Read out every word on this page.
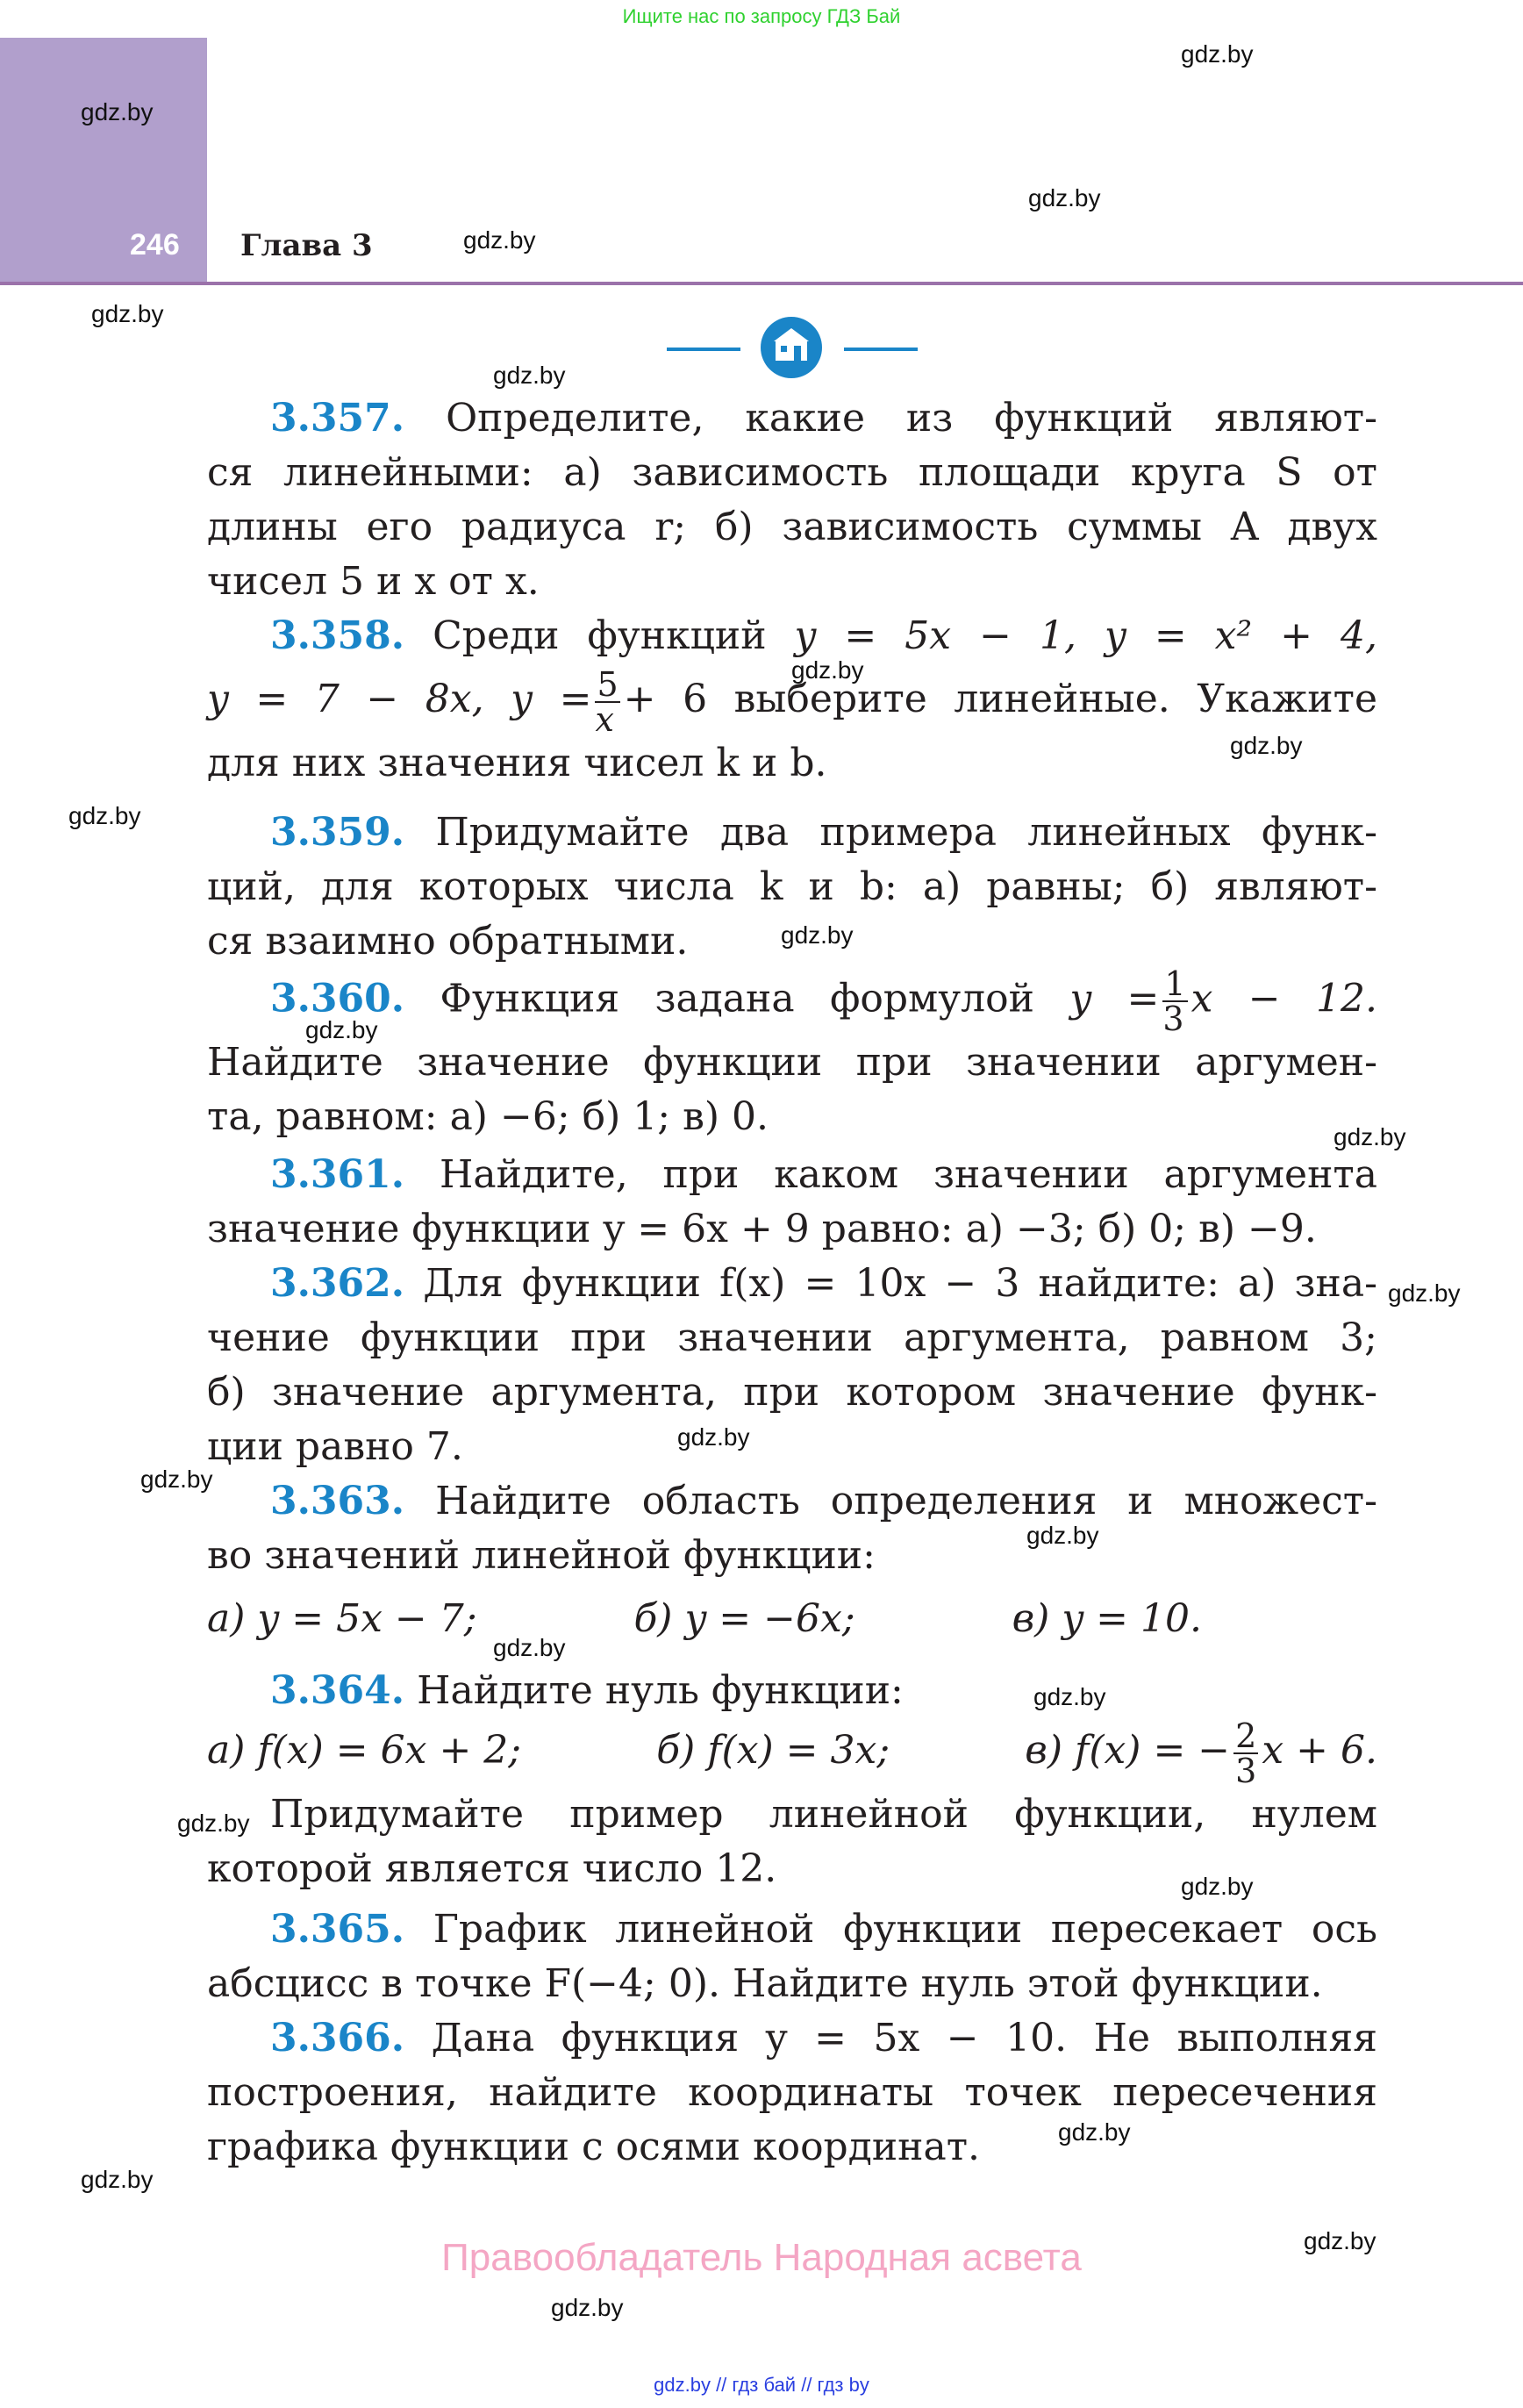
Ищите нас по запросу ГДЗ Бай
246 Глава 3
gdz.by
gdz.by
gdz.by
gdz.by
gdz.by
gdz.by
gdz.by
gdz.by
gdz.by
gdz.by
gdz.by
gdz.by
gdz.by
gdz.by
gdz.by
gdz.by
gdz.by
gdz.by
gdz.by
gdz.by
gdz.by
gdz.by
gdz.by
gdz.by

3.357. Определите, какие из функций являют-

ся линейными: а) зависимость площади круга S от

длины его радиуса r; б) зависимость суммы A двух

чисел 5 и x от x.

3.358. Среди функций y = 5x − 1, y = x² + 4,

y = 7 − 8x, $y = \frac{5}{x} + 6$ выберите линейные. Укажите

для них значения чисел k и b.

3.359. Придумайте два примера линейных функ-

ций, для которых числа k и b: а) равны; б) являют-

ся взаимно обратными.

3.360. Функция задана формулой $y = \frac{1}{3}$ x − 12.

Найдите значение функции при значении аргумен-

та, равном: а) −6; б) 1; в) 0.

3.361. Найдите, при каком значении аргумента

значение функции y = 6x + 9 равно: а) −3; б) 0; в) −9.

3.362. Для функции f(x) = 10x − 3 найдите: а) зна-

чение функции при значении аргумента, равном 3;

б) значение аргумента, при котором значение функ-

ции равно 7.

3.363. Найдите область определения и множест-

во значений линейной функции:

а) y = 5x − 7;	б) y = −6x;	в) y = 10.

3.364. Найдите нуль функции:

а) f(x) = 6x + 2;	б) f(x) = 3x;	в) f(x) = − $\frac{2}{3}$ x + 6.

Придумайте пример линейной функции, нулем

которой является число 12.

3.365. График линейной функции пересекает ось

абсцисс в точке F(−4; 0). Найдите нуль этой функции.

3.366. Дана функция y = 5x − 10. Не выполняя

построения, найдите координаты точек пересечения

графика функции с осями координат.

Правообладатель Народная асвета
gdz.by // гдз бай // гдз by
